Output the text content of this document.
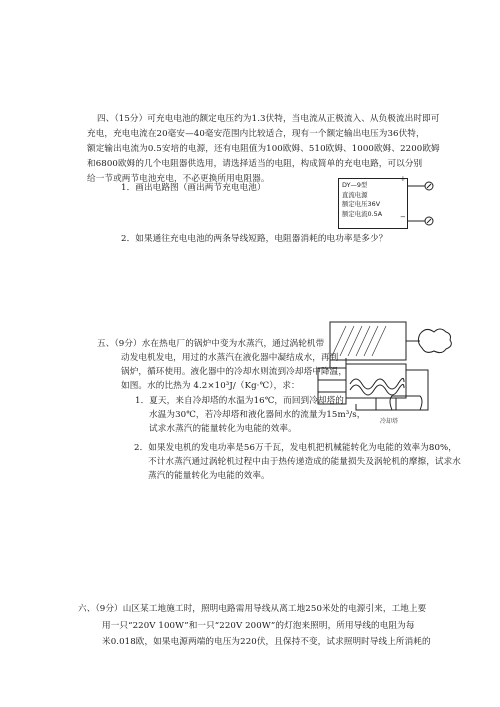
四、（15分）可充电电池的额定电压约为1.3伏特，当电流从正极流入、从负极流出时即可
充电，充电电流在20毫安—40毫安范围内比较适合，现有一个额定输出电压为36伏特，
额定输出电流为0.5安培的电源，还有电阻值为100欧姆、510欧姆、1000欧姆、2200欧姆
和6800欧姆的几个电阻器供选用，请选择适当的电阻，构成简单的充电电路，可以分别
给一节或两节电池充电，不必更换所用电阻器。
1．画出电路图（画出两节充电电池）	DY—9型
直流电源
额定电压36V
额定电流0.5A
+
−
2．如果通往充电电池的两条导线短路，电阻器消耗的电功率是多少？
五、（9分）水在热电厂的锅炉中变为水蒸汽，通过涡轮机带
动发电机发电，用过的水蒸汽在液化器中凝结成水，再到
锅炉，循环使用。液化器中的冷却水则流到冷却塔中降温，
如图。水的比热为 4.2×10³J/（Kg·℃），求：
1．夏天，来自冷却塔的水温为16℃，而回到冷却塔的
水温为30℃，若冷却塔和液化器间水的流量为15m³/s，
试求水蒸汽的能量转化为电能的效率。
2．如果发电机的发电功率是56万千瓦，发电机把机械能转化为电能的效率为80%，
不计水蒸汽通过涡轮机过程中由于热传递造成的能量损失及涡轮机的摩擦，试求水
蒸汽的能量转化为电能的效率。
冷却塔
六、（9分）山区某工地施工时，照明电路需用导线从离工地250米处的电源引来，工地上要
用一只“220V 100W”和一只“220V 200W”的灯泡来照明，所用导线的电阻为每
米0.018欧，如果电源两端的电压为220伏，且保持不变，试求照明时导线上所消耗的
